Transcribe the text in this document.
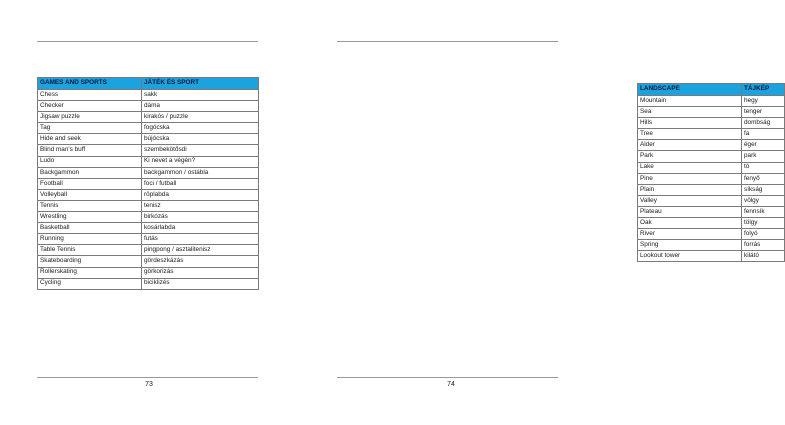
GAMES AND SPORTS	JÁTÉK ÉS SPORT
Chess	sakk
Checker	dáma
Jigsaw puzzle	kirakós / puzzle
Tag	fogócska
Hide and seek	bújócska
Blind man's buff	szembekötősdi
Ludo	Ki nevet a végén?
Backgammon	backgammon / ostábla
Football	foci / futball
Volleyball	röplabda
Tennis	tenisz
Wrestling	birkózás
Basketball	kosárlabda
Running	futás
Table Tennis	pingpong / asztalitenisz
Skateboarding	gördeszkázás
Rollerskating	görkorizás
Cycling	biciklizés
73
LANDSCAPE	TÁJKÉP
Mountain	hegy
Sea	tenger
Hills	dombság
Tree	fa
Alder	éger
Park	park
Lake	tó
Pine	fenyő
Plain	síkság
Valley	völgy
Plateau	fennsík
Oak	tölgy
River	folyó
Spring	forrás
Lookout tower	kilátó
74
